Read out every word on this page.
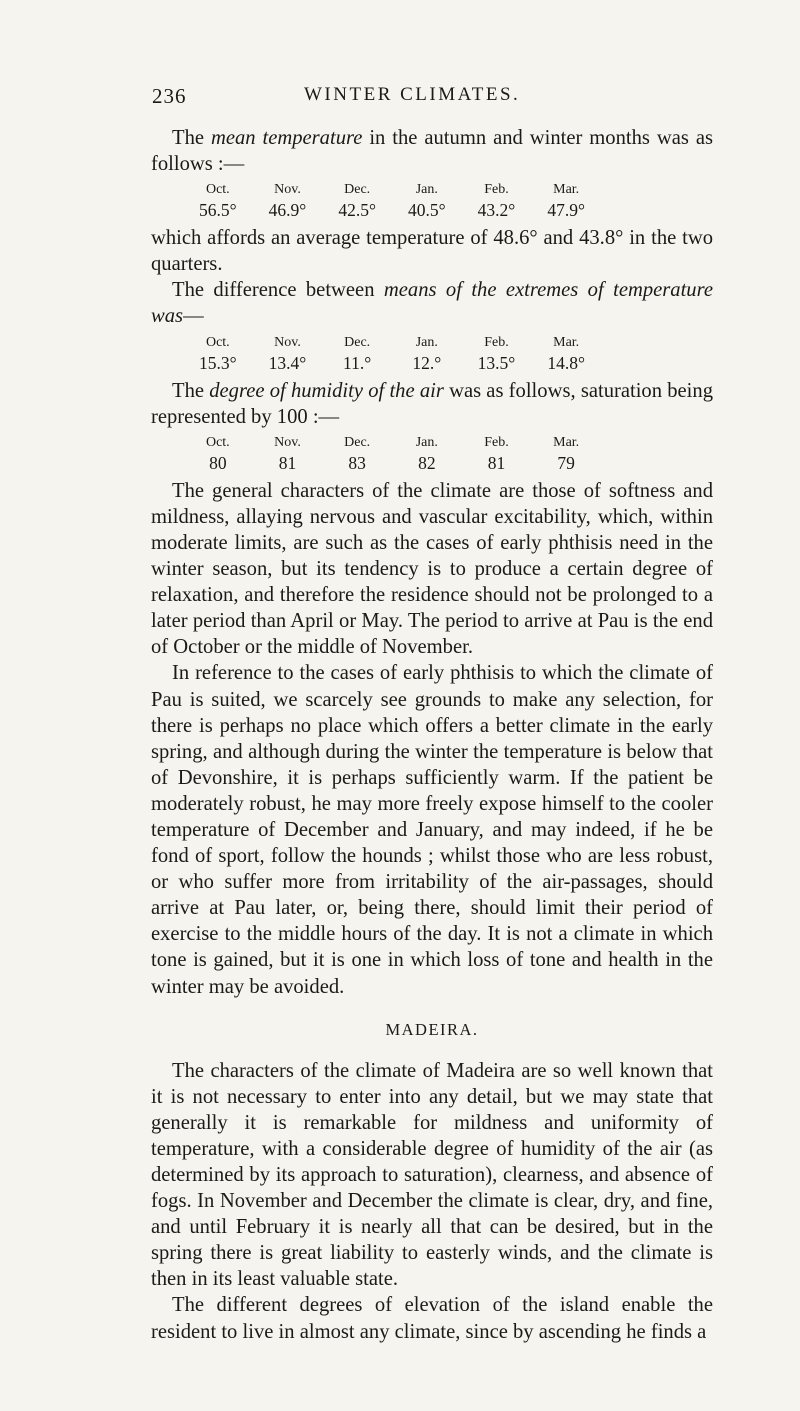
236	WINTER CLIMATES.

The mean temperature in the autumn and winter months was as follows :—

Oct.	Nov.	Dec.	Jan.	Feb.	Mar.
56.5°	46.9°	42.5°	40.5°	43.2°	47.9°

which affords an average temperature of 48.6° and 43.8° in the two quarters.

The difference between means of the extremes of temperature was—

Oct.	Nov.	Dec.	Jan.	Feb.	Mar.
15.3°	13.4°	11.°	12.°	13.5°	14.8°

The degree of humidity of the air was as follows, saturation being represented by 100 :—

Oct.	Nov.	Dec.	Jan.	Feb.	Mar.
80	81	83	82	81	79

The general characters of the climate are those of softness and mildness, allaying nervous and vascular excitability, which, within moderate limits, are such as the cases of early phthisis need in the winter season, but its tendency is to produce a certain degree of relaxation, and therefore the residence should not be prolonged to a later period than April or May. The period to arrive at Pau is the end of October or the middle of November.

In reference to the cases of early phthisis to which the climate of Pau is suited, we scarcely see grounds to make any selection, for there is perhaps no place which offers a better climate in the early spring, and although during the winter the temperature is below that of Devonshire, it is perhaps sufficiently warm. If the patient be moderately robust, he may more freely expose himself to the cooler temperature of December and January, and may indeed, if he be fond of sport, follow the hounds ; whilst those who are less robust, or who suffer more from irritability of the air-passages, should arrive at Pau later, or, being there, should limit their period of exercise to the middle hours of the day. It is not a climate in which tone is gained, but it is one in which loss of tone and health in the winter may be avoided.

MADEIRA.

The characters of the climate of Madeira are so well known that it is not necessary to enter into any detail, but we may state that generally it is remarkable for mildness and uniformity of temperature, with a considerable degree of humidity of the air (as determined by its approach to saturation), clearness, and absence of fogs. In November and December the climate is clear, dry, and fine, and until February it is nearly all that can be desired, but in the spring there is great liability to easterly winds, and the climate is then in its least valuable state.

The different degrees of elevation of the island enable the resident to live in almost any climate, since by ascending he finds a
